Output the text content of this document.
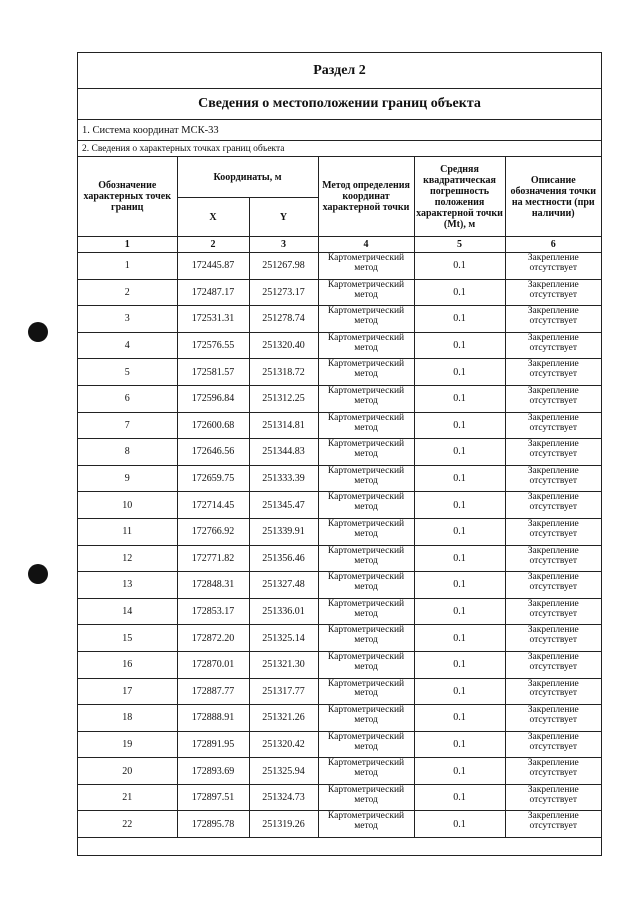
Раздел 2
Сведения о местоположении границ объекта
1. Система координат МСК-33
2. Сведения о характерных точках границ объекта
Обозначение характерных точек границ	Координаты, м		Метод определения координат характерной точки	Средняя квадратическая погрешность положения характерной точки (Mt), м	Описание обозначения точки на местности (при наличии)
	X	Y			
1	2	3	4	5	6
1	172445.87	251267.98	Картометрический метод	0.1	Закрепление отсутствует
2	172487.17	251273.17	Картометрический метод	0.1	Закрепление отсутствует
3	172531.31	251278.74	Картометрический метод	0.1	Закрепление отсутствует
4	172576.55	251320.40	Картометрический метод	0.1	Закрепление отсутствует
5	172581.57	251318.72	Картометрический метод	0.1	Закрепление отсутствует
6	172596.84	251312.25	Картометрический метод	0.1	Закрепление отсутствует
7	172600.68	251314.81	Картометрический метод	0.1	Закрепление отсутствует
8	172646.56	251344.83	Картометрический метод	0.1	Закрепление отсутствует
9	172659.75	251333.39	Картометрический метод	0.1	Закрепление отсутствует
10	172714.45	251345.47	Картометрический метод	0.1	Закрепление отсутствует
11	172766.92	251339.91	Картометрический метод	0.1	Закрепление отсутствует
12	172771.82	251356.46	Картометрический метод	0.1	Закрепление отсутствует
13	172848.31	251327.48	Картометрический метод	0.1	Закрепление отсутствует
14	172853.17	251336.01	Картометрический метод	0.1	Закрепление отсутствует
15	172872.20	251325.14	Картометрический метод	0.1	Закрепление отсутствует
16	172870.01	251321.30	Картометрический метод	0.1	Закрепление отсутствует
17	172887.77	251317.77	Картометрический метод	0.1	Закрепление отсутствует
18	172888.91	251321.26	Картометрический метод	0.1	Закрепление отсутствует
19	172891.95	251320.42	Картометрический метод	0.1	Закрепление отсутствует
20	172893.69	251325.94	Картометрический метод	0.1	Закрепление отсутствует
21	172897.51	251324.73	Картометрический метод	0.1	Закрепление отсутствует
22	172895.78	251319.26	Картометрический метод	0.1	Закрепление отсутствует
